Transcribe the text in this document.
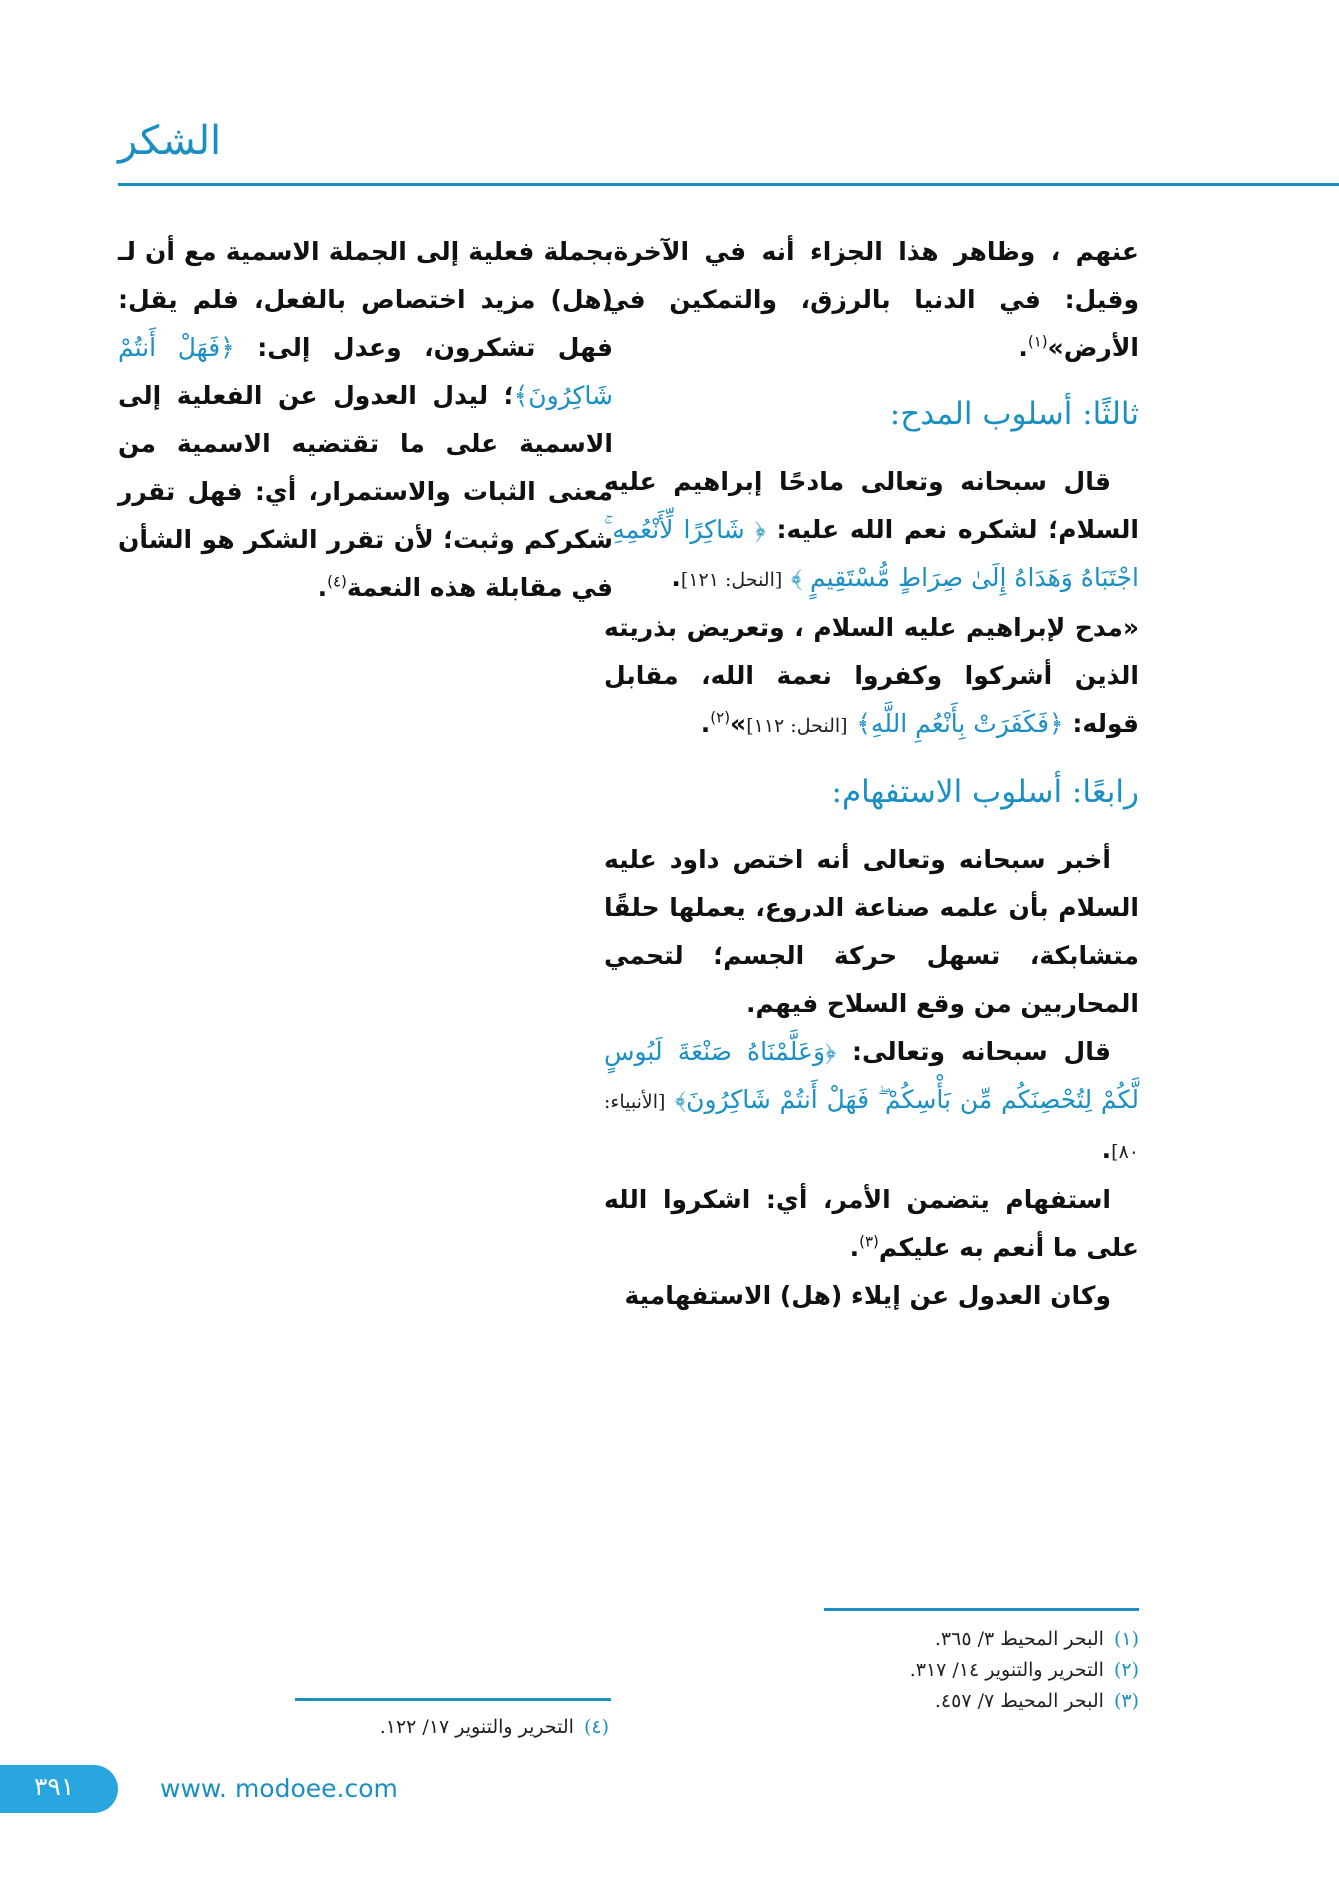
الشكر

عنهم ، وظاهر هذا الجزاء أنه في الآخرة، وقيل: في الدنيا بالرزق، والتمكين في الأرض»$^{(١)}$.

ثالثًا: أسلوب المدح:

قال سبحانه وتعالى مادحًا إبراهيم عليه السلام؛ لشكره نعم الله عليه: ﴿ شَاكِرًا لِّأَنْعُمِهِ ۚ اجْتَبَاهُ وَهَدَاهُ إِلَىٰ صِرَاطٍ مُّسْتَقِيمٍ ﴾ [النحل: ١٢١].

«مدح لإبراهيم عليه السلام ، وتعريض بذريته الذين أشركوا وكفروا نعمة الله، مقابل قوله: ﴿فَكَفَرَتْ بِأَنْعُمِ اللَّهِ﴾ [النحل: ١١٢]»$^{(٢)}$.

رابعًا: أسلوب الاستفهام:

أخبر سبحانه وتعالى أنه اختص داود عليه السلام بأن علمه صناعة الدروع، يعملها حلقًا متشابكة، تسهل حركة الجسم؛ لتحمي المحاربين من وقع السلاح فيهم.

قال سبحانه وتعالى: ﴿وَعَلَّمْنَاهُ صَنْعَةَ لَبُوسٍ لَّكُمْ لِتُحْصِنَكُم مِّن بَأْسِكُمْ ۖ فَهَلْ أَنتُمْ شَاكِرُونَ﴾ [الأنبياء: ٨٠].

استفهام يتضمن الأمر، أي: اشكروا الله على ما أنعم به عليكم$^{(٣)}$.

وكان العدول عن إيلاء (هل) الاستفهامية

بجملة فعلية إلى الجملة الاسمية مع أن لـ (هل) مزيد اختصاص بالفعل، فلم يقل: فهل تشكرون، وعدل إلى: ﴿فَهَلْ أَنتُمْ شَاكِرُونَ﴾؛ ليدل العدول عن الفعلية إلى الاسمية على ما تقتضيه الاسمية من معنى الثبات والاستمرار، أي: فهل تقرر شكركم وثبت؛ لأن تقرر الشكر هو الشأن في مقابلة هذه النعمة$^{(٤)}$.

(١)البحر المحيط ٣/ ٣٦٥.
(٢)التحرير والتنوير ١٤/ ٣١٧.
(٣)البحر المحيط ٧/ ٤٥٧.
(٤)التحرير والتنوير ١٧/ ١٢٢.
٣٩١	www. modoee.com
